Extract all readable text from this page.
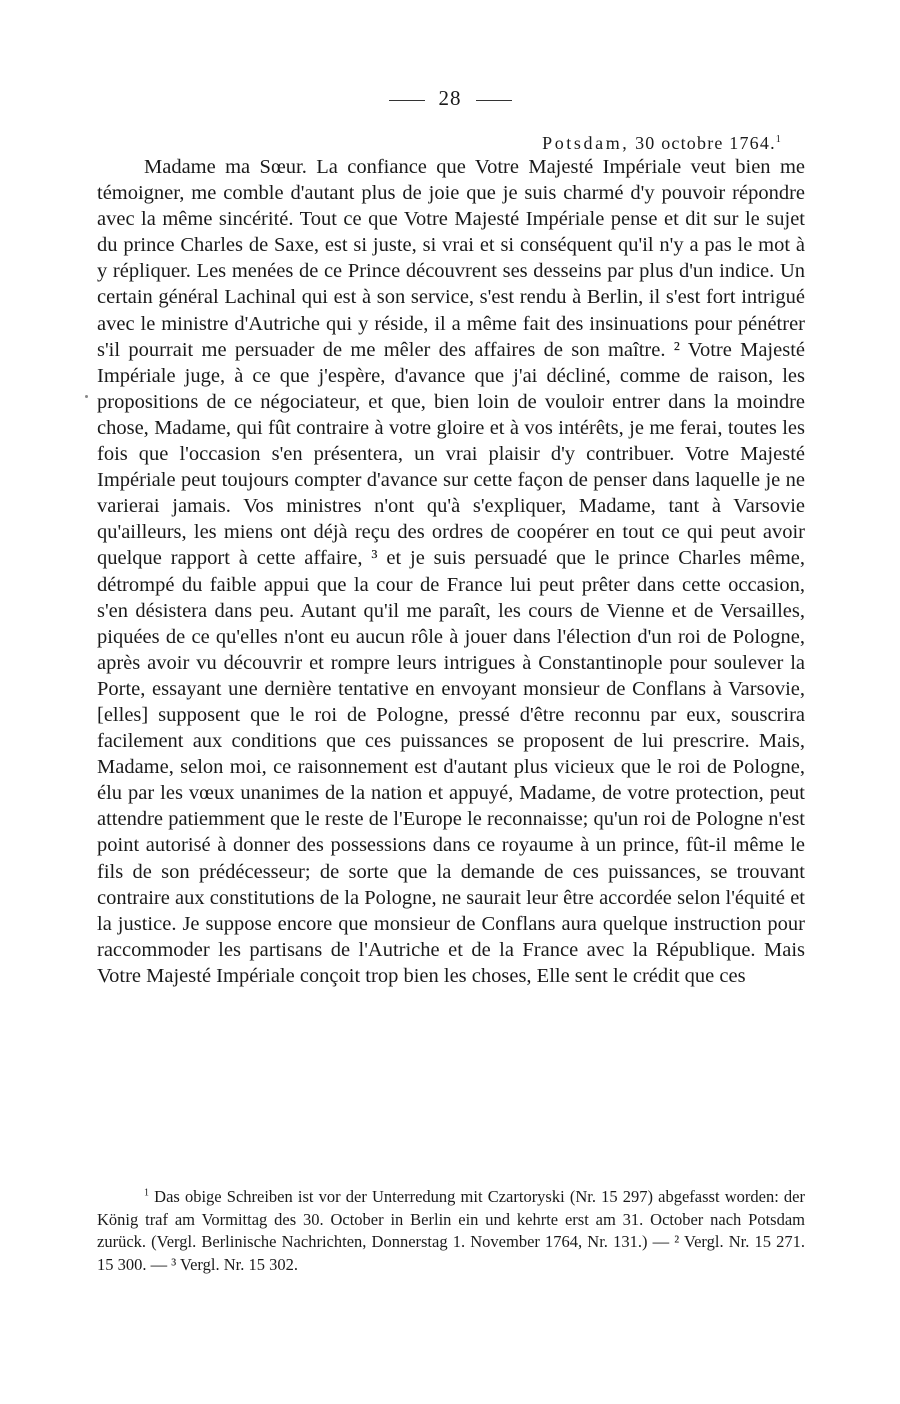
28
Potsdam, 30 octobre 1764.$^1$

Madame ma Sœur. La confiance que Votre Majesté Impériale veut bien me témoigner, me comble d'autant plus de joie que je suis charmé d'y pouvoir répondre avec la même sincérité. Tout ce que Votre Majesté Impériale pense et dit sur le sujet du prince Charles de Saxe, est si juste, si vrai et si conséquent qu'il n'y a pas le mot à y répliquer. Les menées de ce Prince découvrent ses desseins par plus d'un indice. Un certain général Lachinal qui est à son service, s'est rendu à Berlin, il s'est fort intrigué avec le ministre d'Autriche qui y réside, il a même fait des insinuations pour pénétrer s'il pourrait me persuader de me mêler des affaires de son maître. ² Votre Majesté Impériale juge, à ce que j'espère, d'avance que j'ai décliné, comme de raison, les propositions de ce négociateur, et que, bien loin de vouloir entrer dans la moindre chose, Madame, qui fût contraire à votre gloire et à vos intérêts, je me ferai, toutes les fois que l'occasion s'en présentera, un vrai plaisir d'y contribuer. Votre Majesté Impériale peut toujours compter d'avance sur cette façon de penser dans laquelle je ne varierai jamais. Vos ministres n'ont qu'à s'expliquer, Madame, tant à Varsovie qu'ailleurs, les miens ont déjà reçu des ordres de coopérer en tout ce qui peut avoir quelque rapport à cette affaire, ³ et je suis persuadé que le prince Charles même, détrompé du faible appui que la cour de France lui peut prêter dans cette occasion, s'en désistera dans peu. Autant qu'il me paraît, les cours de Vienne et de Versailles, piquées de ce qu'elles n'ont eu aucun rôle à jouer dans l'élection d'un roi de Pologne, après avoir vu découvrir et rompre leurs intrigues à Constantinople pour soulever la Porte, essayant une dernière tentative en envoyant monsieur de Conflans à Varsovie, [elles] supposent que le roi de Pologne, pressé d'être reconnu par eux, souscrira facilement aux conditions que ces puissances se proposent de lui prescrire. Mais, Madame, selon moi, ce raisonnement est d'autant plus vicieux que le roi de Pologne, élu par les vœux unanimes de la nation et appuyé, Madame, de votre protection, peut attendre patiemment que le reste de l'Europe le reconnaisse; qu'un roi de Pologne n'est point autorisé à donner des possessions dans ce royaume à un prince, fût-il même le fils de son prédécesseur; de sorte que la demande de ces puissances, se trouvant contraire aux constitutions de la Pologne, ne saurait leur être accordée selon l'équité et la justice. Je suppose encore que monsieur de Conflans aura quelque instruction pour raccommoder les partisans de l'Autriche et de la France avec la République. Mais Votre Majesté Impériale conçoit trop bien les choses, Elle sent le crédit que ces

$^1$ Das obige Schreiben ist vor der Unterredung mit Czartoryski (Nr. 15 297) abgefasst worden: der König traf am Vormittag des 30. October in Berlin ein und kehrte erst am 31. October nach Potsdam zurück. (Vergl. Berlinische Nachrichten, Donnerstag 1. November 1764, Nr. 131.) — ² Vergl. Nr. 15 271. 15 300. — ³ Vergl. Nr. 15 302.
